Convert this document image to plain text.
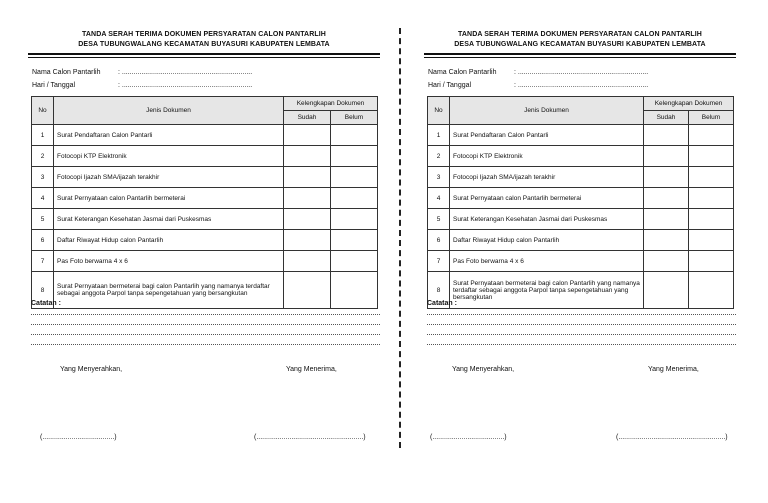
TANDA SERAH TERIMA DOKUMEN PERSYARATAN CALON PANTARLIH
DESA TUBUNGWALANG KECAMATAN BUYASURI KABUPATEN LEMBATA
Nama Calon Pantarlih	: ...................................................................
Hari / Tanggal	: ...................................................................
No	Jenis Dokumen	Kelengkapan Dokumen	
		Sudah	Belum
1	Surat Pendaftaran Calon Pantarli		
2	Fotocopi KTP Elektronik		
3	Fotocopi Ijazah SMA/ijazah terakhir		
4	Surat Pernyataan calon Pantarlih bermeterai		
5	Surat Keterangan Kesehatan Jasmai dari Puskesmas		
6	Daftar Riwayat Hidup calon Pantarlih		
7	Pas Foto berwarna 4 x 6		
8	Surat Pernyataan bermeterai bagi calon Pantarlih yang namanya terdaftar sebagai anggota Parpol tanpa sepengetahuan yang bersangkutan		
Catatan :
Yang Menyerahkan,	Yang Menerima,
(.....................................)	(.......................................................)
TANDA SERAH TERIMA DOKUMEN PERSYARATAN CALON PANTARLIH
DESA TUBUNGWALANG KECAMATAN BUYASURI KABUPATEN LEMBATA
Nama Calon Pantarlih	: ...................................................................
Hari / Tanggal	: ...................................................................
No	Jenis Dokumen	Kelengkapan Dokumen	
		Sudah	Belum
1	Surat Pendaftaran Calon Pantarli		
2	Fotocopi KTP Elektronik		
3	Fotocopi Ijazah SMA/ijazah terakhir		
4	Surat Pernyataan calon Pantarlih bermeterai		
5	Surat Keterangan Kesehatan Jasmai dari Puskesmas		
6	Daftar Riwayat Hidup calon Pantarlih		
7	Pas Foto berwarna 4 x 6		
8	Surat Pernyataan bermeterai bagi calon Pantarlih yang namanya terdaftar sebagai anggota Parpol tanpa sepengetahuan yang bersangkutan		
Catatan :
Yang Menyerahkan,	Yang Menerima,
(.....................................)	(.......................................................)
